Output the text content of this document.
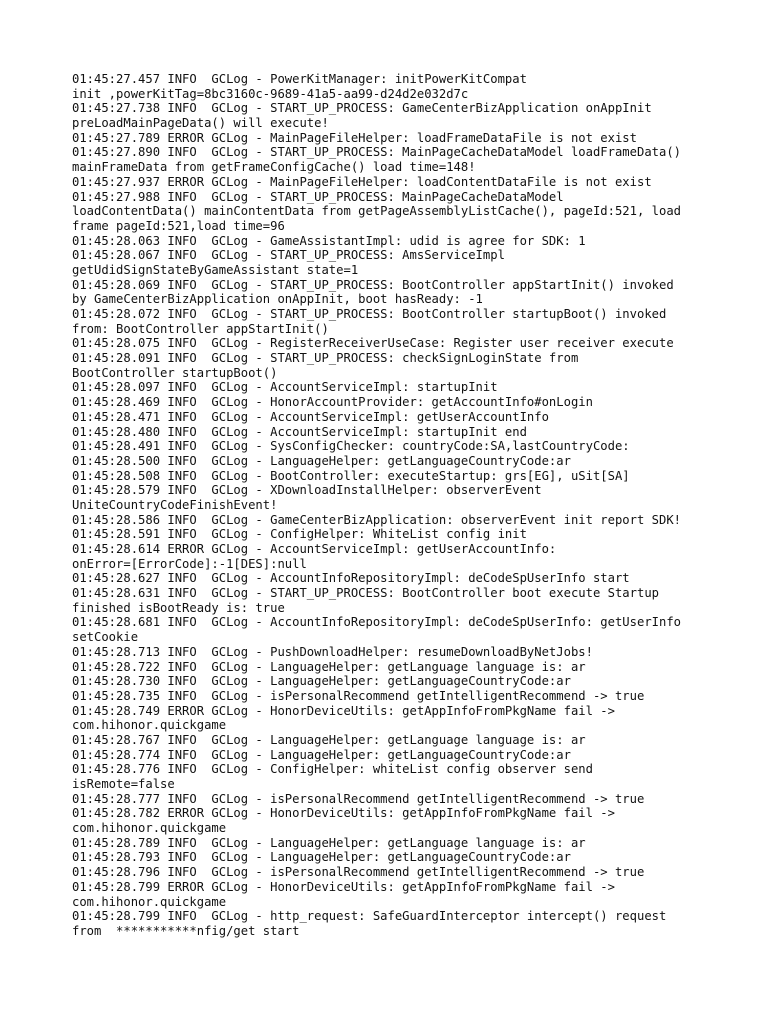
01:45:27.457 INFO  GCLog - PowerKitManager: initPowerKitCompat
init ,powerKitTag=8bc3160c-9689-41a5-aa99-d24d2e032d7c
01:45:27.738 INFO  GCLog - START_UP_PROCESS: GameCenterBizApplication onAppInit
preLoadMainPageData() will execute!
01:45:27.789 ERROR GCLog - MainPageFileHelper: loadFrameDataFile is not exist
01:45:27.890 INFO  GCLog - START_UP_PROCESS: MainPageCacheDataModel loadFrameData()
mainFrameData from getFrameConfigCache() load time=148!
01:45:27.937 ERROR GCLog - MainPageFileHelper: loadContentDataFile is not exist
01:45:27.988 INFO  GCLog - START_UP_PROCESS: MainPageCacheDataModel
loadContentData() mainContentData from getPageAssemblyListCache(), pageId:521, load
frame pageId:521,load time=96
01:45:28.063 INFO  GCLog - GameAssistantImpl: udid is agree for SDK: 1
01:45:28.067 INFO  GCLog - START_UP_PROCESS: AmsServiceImpl
getUdidSignStateByGameAssistant state=1
01:45:28.069 INFO  GCLog - START_UP_PROCESS: BootController appStartInit() invoked
by GameCenterBizApplication onAppInit, boot hasReady: -1
01:45:28.072 INFO  GCLog - START_UP_PROCESS: BootController startupBoot() invoked
from: BootController appStartInit()
01:45:28.075 INFO  GCLog - RegisterReceiverUseCase: Register user receiver execute
01:45:28.091 INFO  GCLog - START_UP_PROCESS: checkSignLoginState from
BootController startupBoot()
01:45:28.097 INFO  GCLog - AccountServiceImpl: startupInit
01:45:28.469 INFO  GCLog - HonorAccountProvider: getAccountInfo#onLogin
01:45:28.471 INFO  GCLog - AccountServiceImpl: getUserAccountInfo
01:45:28.480 INFO  GCLog - AccountServiceImpl: startupInit end
01:45:28.491 INFO  GCLog - SysConfigChecker: countryCode:SA,lastCountryCode:
01:45:28.500 INFO  GCLog - LanguageHelper: getLanguageCountryCode:ar
01:45:28.508 INFO  GCLog - BootController: executeStartup: grs[EG], uSit[SA]
01:45:28.579 INFO  GCLog - XDownloadInstallHelper: observerEvent
UniteCountryCodeFinishEvent!
01:45:28.586 INFO  GCLog - GameCenterBizApplication: observerEvent init report SDK!
01:45:28.591 INFO  GCLog - ConfigHelper: WhiteList config init
01:45:28.614 ERROR GCLog - AccountServiceImpl: getUserAccountInfo:
onError=[ErrorCode]:-1[DES]:null
01:45:28.627 INFO  GCLog - AccountInfoRepositoryImpl: deCodeSpUserInfo start
01:45:28.631 INFO  GCLog - START_UP_PROCESS: BootController boot execute Startup
finished isBootReady is: true
01:45:28.681 INFO  GCLog - AccountInfoRepositoryImpl: deCodeSpUserInfo: getUserInfo
setCookie
01:45:28.713 INFO  GCLog - PushDownloadHelper: resumeDownloadByNetJobs!
01:45:28.722 INFO  GCLog - LanguageHelper: getLanguage language is: ar
01:45:28.730 INFO  GCLog - LanguageHelper: getLanguageCountryCode:ar
01:45:28.735 INFO  GCLog - isPersonalRecommend getIntelligentRecommend -> true
01:45:28.749 ERROR GCLog - HonorDeviceUtils: getAppInfoFromPkgName fail ->
com.hihonor.quickgame
01:45:28.767 INFO  GCLog - LanguageHelper: getLanguage language is: ar
01:45:28.774 INFO  GCLog - LanguageHelper: getLanguageCountryCode:ar
01:45:28.776 INFO  GCLog - ConfigHelper: whiteList config observer send
isRemote=false
01:45:28.777 INFO  GCLog - isPersonalRecommend getIntelligentRecommend -> true
01:45:28.782 ERROR GCLog - HonorDeviceUtils: getAppInfoFromPkgName fail ->
com.hihonor.quickgame
01:45:28.789 INFO  GCLog - LanguageHelper: getLanguage language is: ar
01:45:28.793 INFO  GCLog - LanguageHelper: getLanguageCountryCode:ar
01:45:28.796 INFO  GCLog - isPersonalRecommend getIntelligentRecommend -> true
01:45:28.799 ERROR GCLog - HonorDeviceUtils: getAppInfoFromPkgName fail ->
com.hihonor.quickgame
01:45:28.799 INFO  GCLog - http_request: SafeGuardInterceptor intercept() request
from  ***********nfig/get start
